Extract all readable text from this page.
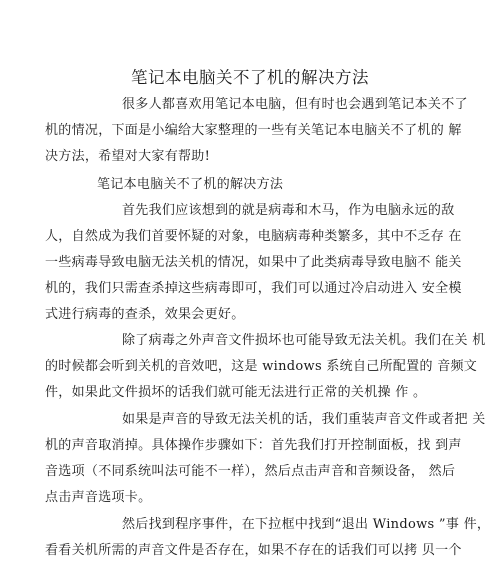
笔记本电脑关不了机的解决方法
很多人都喜欢用笔记本电脑，但有时也会遇到笔记本关不了
机的情况，下面是小编给大家整理的一些有关笔记本电脑关不了机的 解
决方法，希望对大家有帮助!
笔记本电脑关不了机的解决方法
首先我们应该想到的就是病毒和木马，作为电脑永远的敌
人，自然成为我们首要怀疑的对象，电脑病毒种类繁多，其中不乏存 在
一些病毒导致电脑无法关机的情况，如果中了此类病毒导致电脑不 能关
机的，我们只需查杀掉这些病毒即可，我们可以通过冷启动进入 安全模
式进行病毒的查杀，效果会更好。
除了病毒之外声音文件损坏也可能导致无法关机。我们在关 机
的时候都会听到关机的音效吧，这是 windows 系统自己所配置的 音频文
件，如果此文件损坏的话我们就可能无法进行正常的关机操 作 。
如果是声音的导致无法关机的话，我们重装声音文件或者把 关
机的声音取消掉。具体操作步骤如下：首先我们打开控制面板，找 到声
音选项（不同系统叫法可能不一样），然后点击声音和音频设备， 然后
点击声音选项卡。
然后找到程序事件，在下拉框中找到“退出 Windows ”事 件，
看看关机所需的声音文件是否存在，如果不存在的话我们可以拷 贝一个
